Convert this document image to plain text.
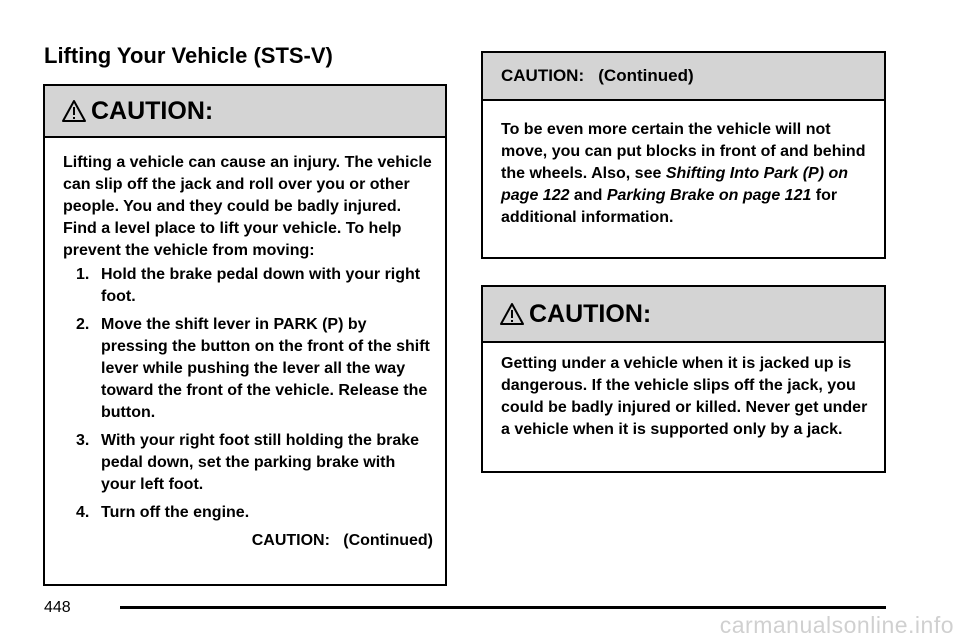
Lifting Your Vehicle (STS-V)
CAUTION:

Lifting a vehicle can cause an injury. The vehicle can slip off the jack and roll over you or other people. You and they could be badly injured. Find a level place to lift your vehicle. To help prevent the vehicle from moving:

1. Hold the brake pedal down with your right foot.
2. Move the shift lever in PARK (P) by pressing the button on the front of the shift lever while pushing the lever all the way toward the front of the vehicle. Release the button.
3. With your right foot still holding the brake pedal down, set the parking brake with your left foot.
4. Turn off the engine.
CAUTION:   (Continued)
CAUTION:   (Continued)

To be even more certain the vehicle will not move, you can put blocks in front of and behind the wheels. Also, see Shifting Into Park (P) on page 122 and Parking Brake on page 121 for additional information.

CAUTION:

Getting under a vehicle when it is jacked up is dangerous. If the vehicle slips off the jack, you could be badly injured or killed. Never get under a vehicle when it is supported only by a jack.

448
carmanualsonline.info
